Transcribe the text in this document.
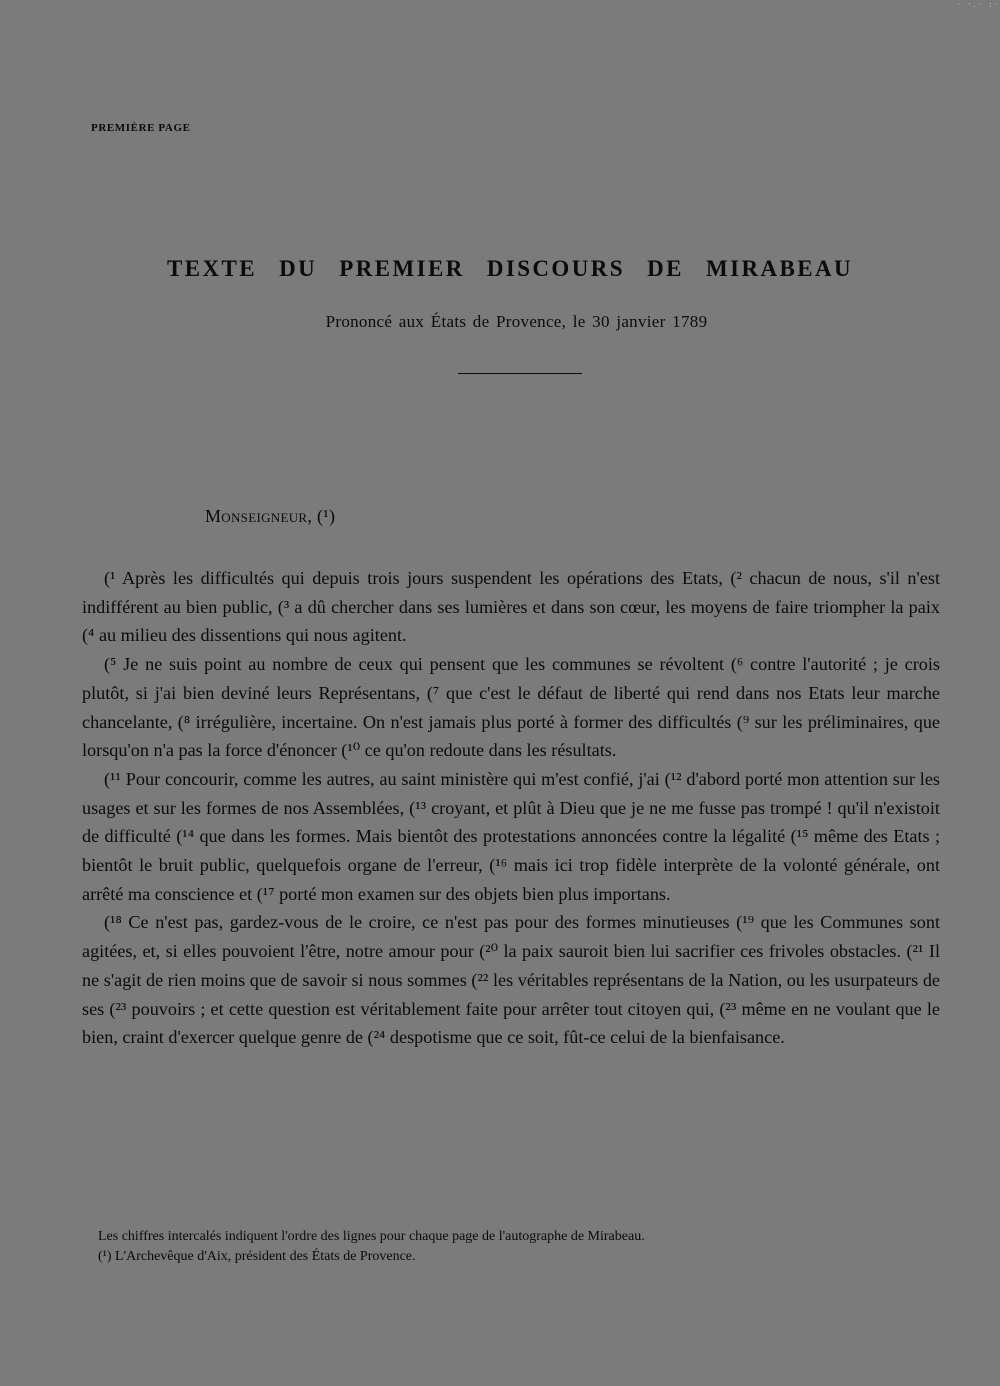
· ·.· :·
PREMIÈRE PAGE
TEXTE DU PREMIER DISCOURS DE MIRABEAU
Prononcé aux États de Provence, le 30 janvier 1789
Monseigneur, (¹)

(¹ Après les difficultés qui depuis trois jours suspendent les opérations des Etats, (² chacun de nous, s'il n'est indifférent au bien public, (³ a dû chercher dans ses lumières et dans son cœur, les moyens de faire triompher la paix (⁴ au milieu des dissentions qui nous agitent.

(⁵ Je ne suis point au nombre de ceux qui pensent que les communes se révoltent (⁶ contre l'autorité ; je crois plutôt, si j'ai bien deviné leurs Représentans, (⁷ que c'est le défaut de liberté qui rend dans nos Etats leur marche chancelante, (⁸ irrégulière, incertaine. On n'est jamais plus porté à former des difficultés (⁹ sur les préliminaires, que lorsqu'on n'a pas la force d'énoncer (¹⁰ ce qu'on redoute dans les résultats.

(¹¹ Pour concourir, comme les autres, au saint ministère qui m'est confié, j'ai (¹² d'abord porté mon attention sur les usages et sur les formes de nos Assemblées, (¹³ croyant, et plût à Dieu que je ne me fusse pas trompé ! qu'il n'existoit de difficulté (¹⁴ que dans les formes. Mais bientôt des protestations annoncées contre la légalité (¹⁵ même des Etats ; bientôt le bruit public, quelquefois organe de l'erreur, (¹⁶ mais ici trop fidèle interprète de la volonté générale, ont arrêté ma conscience et (¹⁷ porté mon examen sur des objets bien plus importans.

(¹⁸ Ce n'est pas, gardez-vous de le croire, ce n'est pas pour des formes minutieuses (¹⁹ que les Communes sont agitées, et, si elles pouvoient l'être, notre amour pour (²⁰ la paix sauroit bien lui sacrifier ces frivoles obstacles. (²¹ Il ne s'agit de rien moins que de savoir si nous sommes (²² les véritables représentans de la Nation, ou les usurpateurs de ses (²³ pouvoirs ; et cette question est véritablement faite pour arrêter tout citoyen qui, (²³ même en ne voulant que le bien, craint d'exercer quelque genre de (²⁴ despotisme que ce soit, fût-ce celui de la bienfaisance.

Les chiffres intercalés indiquent l'ordre des lignes pour chaque page de l'autographe de Mirabeau.
(¹) L'Archevêque d'Aix, président des États de Provence.
